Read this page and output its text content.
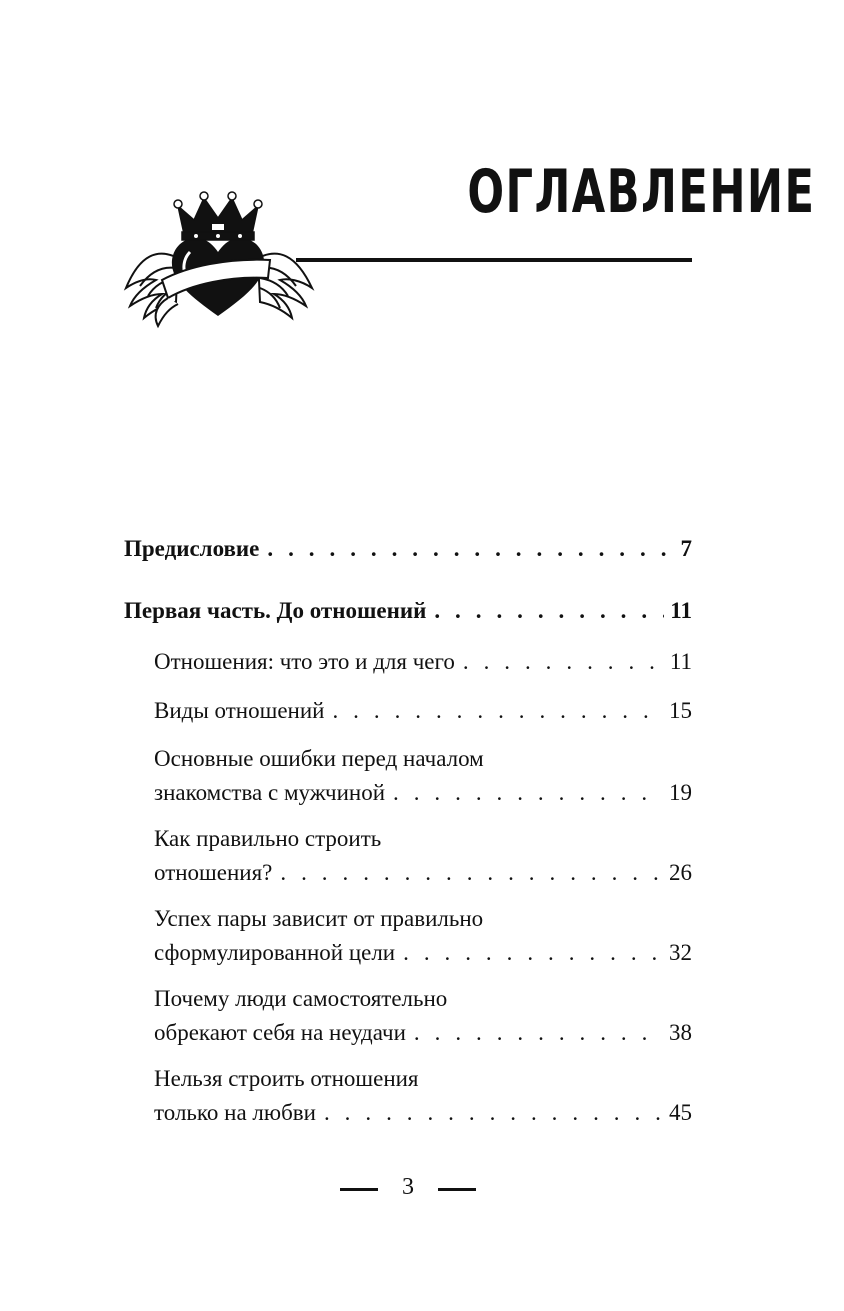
ОГЛАВЛЕНИЕ
Предисловие . . .	7
Первая часть. До отношений . . .	11
Отношения: что это и для чего . . .	11
Виды отношений . . .	15
Основные ошибки перед началом
знакомства с мужчиной . . .	19
Как правильно строить
отношения? . . .	26
Успех пары зависит от правильно
сформулированной цели . . .	32
Почему люди самостоятельно
обрекают себя на неудачи . . .	38
Нельзя строить отношения
только на любви . . .	45
3
